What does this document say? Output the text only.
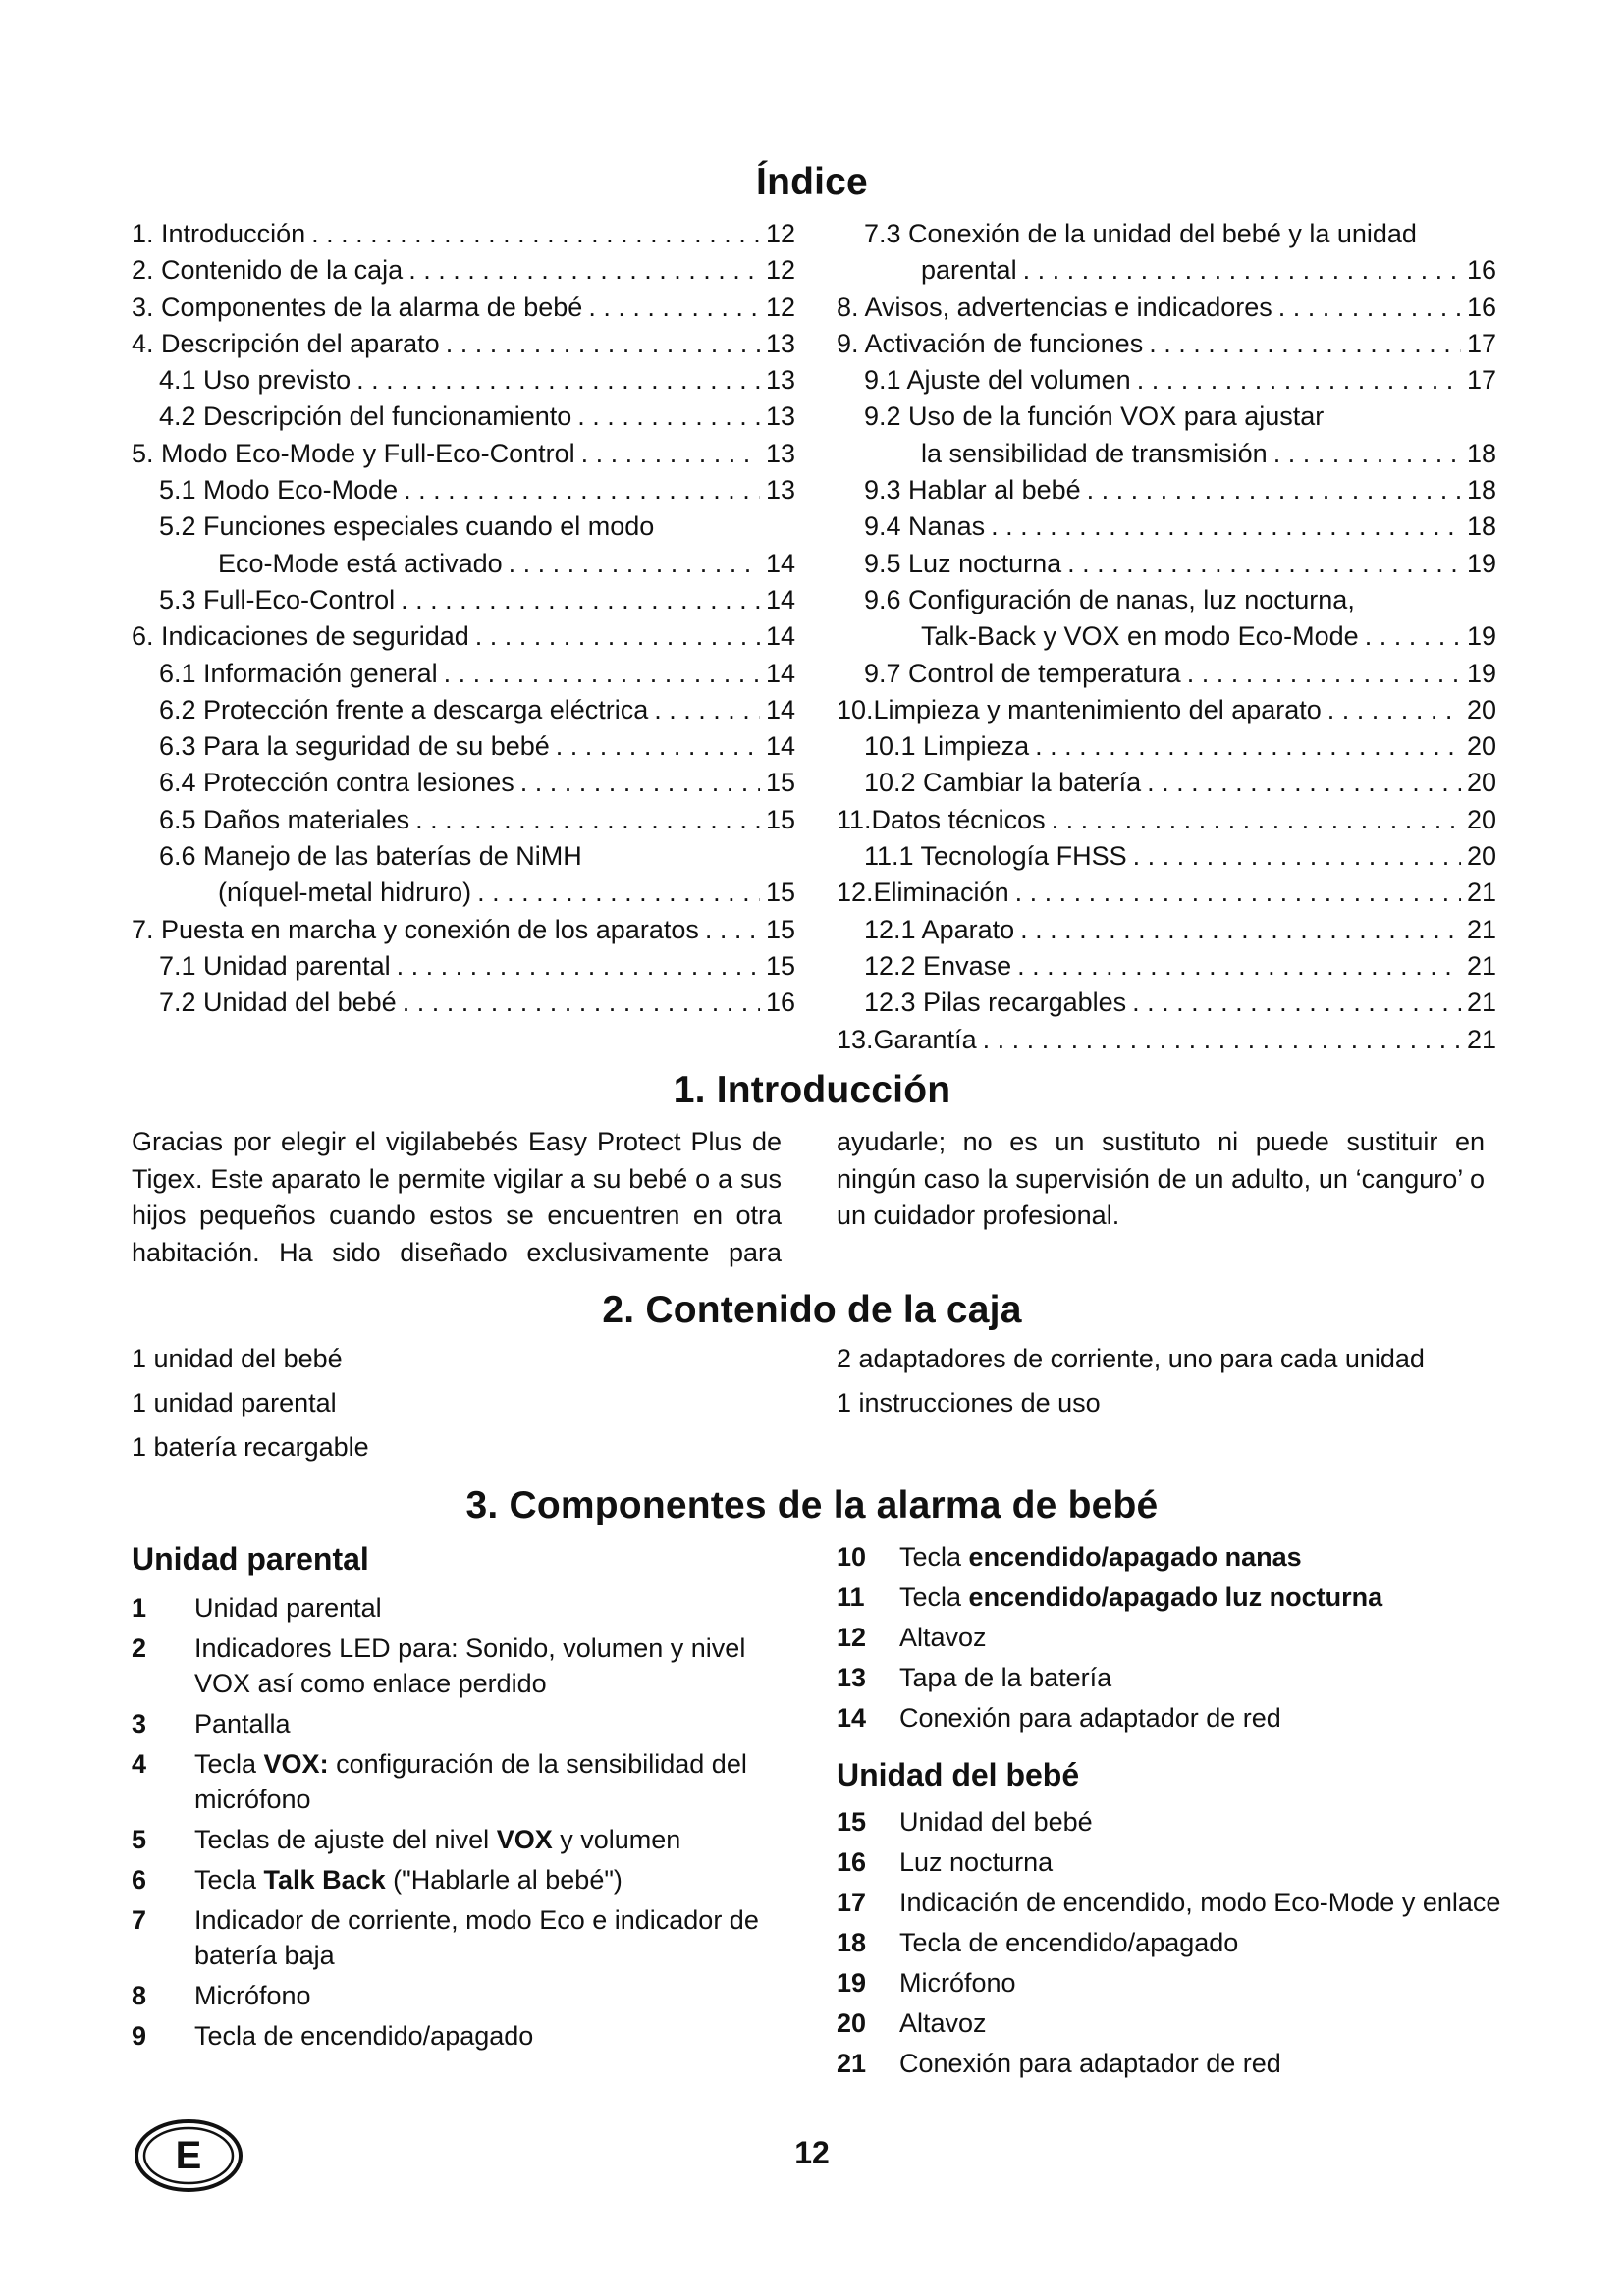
Índice
1. Introducción . . .	12
2. Contenido de la caja . . .	12
3. Componentes de la alarma de bebé . . .	12
4. Descripción del aparato . . .	13
4.1 Uso previsto . . .	13
4.2 Descripción del funcionamiento . . .	13
5. Modo Eco-Mode y Full-Eco-Control . . .	13
5.1 Modo Eco-Mode . . .	13
5.2 Funciones especiales cuando el modo
Eco-Mode está activado . . .	14
5.3 Full-Eco-Control . . .	14
6. Indicaciones de seguridad . . .	14
6.1 Información general . . .	14
6.2 Protección frente a descarga eléctrica . . .	14
6.3 Para la seguridad de su bebé . . .	14
6.4 Protección contra lesiones . . .	15
6.5 Daños materiales . . .	15
6.6 Manejo de las baterías de NiMH
(níquel-metal hidruro) . . .	15
7. Puesta en marcha y conexión de los aparatos . . .	15
7.1 Unidad parental . . .	15
7.2 Unidad del bebé . . .	16
7.3 Conexión de la unidad del bebé y la unidad
parental . . .	16
8. Avisos, advertencias e indicadores . . .	16
9. Activación de funciones . . .	17
9.1 Ajuste del volumen . . .	17
9.2 Uso de la función VOX para ajustar
la sensibilidad de transmisión . . .	18
9.3 Hablar al bebé . . .	18
9.4 Nanas . . .	18
9.5 Luz nocturna . . .	19
9.6 Configuración de nanas, luz nocturna,
Talk-Back y VOX en modo Eco-Mode . . .	19
9.7 Control de temperatura . . .	19
10.Limpieza y mantenimiento del aparato . . .	20
10.1 Limpieza . . .	20
10.2 Cambiar la batería . . .	20
11.Datos técnicos . . .	20
11.1 Tecnología FHSS . . .	20
12.Eliminación . . .	21
12.1 Aparato . . .	21
12.2 Envase . . .	21
12.3 Pilas recargables . . .	21
13.Garantía . . .	21
1. Introducción
Gracias por elegir el vigilabebés Easy Protect Plus de
Tigex. Este aparato le permite vigilar a su bebé o a sus
hijos pequeños cuando estos se encuentren en otra
habitación. Ha sido diseñado exclusivamente para
ayudarle; no es un sustituto ni puede sustituir en ningún caso la supervisión de un adulto, un ‘canguro’ o un cuidador profesional.
2. Contenido de la caja
1 unidad del bebé
1 unidad parental
1 batería recargable
2 adaptadores de corriente, uno para cada unidad
1 instrucciones de uso
3. Componentes de la alarma de bebé
Unidad parental
1	Unidad parental
2	Indicadores LED para: Sonido, volumen y nivel VOX así como enlace perdido
3	Pantalla
4	Tecla VOX: configuración de la sensibilidad del micrófono
5	Teclas de ajuste del nivel VOX y volumen
6	Tecla Talk Back ("Hablarle al bebé")
7	Indicador de corriente, modo Eco e indicador de batería baja
8	Micrófono
9	Tecla de encendido/apagado
10	Tecla encendido/apagado nanas
11	Tecla encendido/apagado luz nocturna
12	Altavoz
13	Tapa de la batería
14	Conexión para adaptador de red
Unidad del bebé
15	Unidad del bebé
16	Luz nocturna
17	Indicación de encendido, modo Eco-Mode y enlace
18	Tecla de encendido/apagado
19	Micrófono
20	Altavoz
21	Conexión para adaptador de red
E	12
